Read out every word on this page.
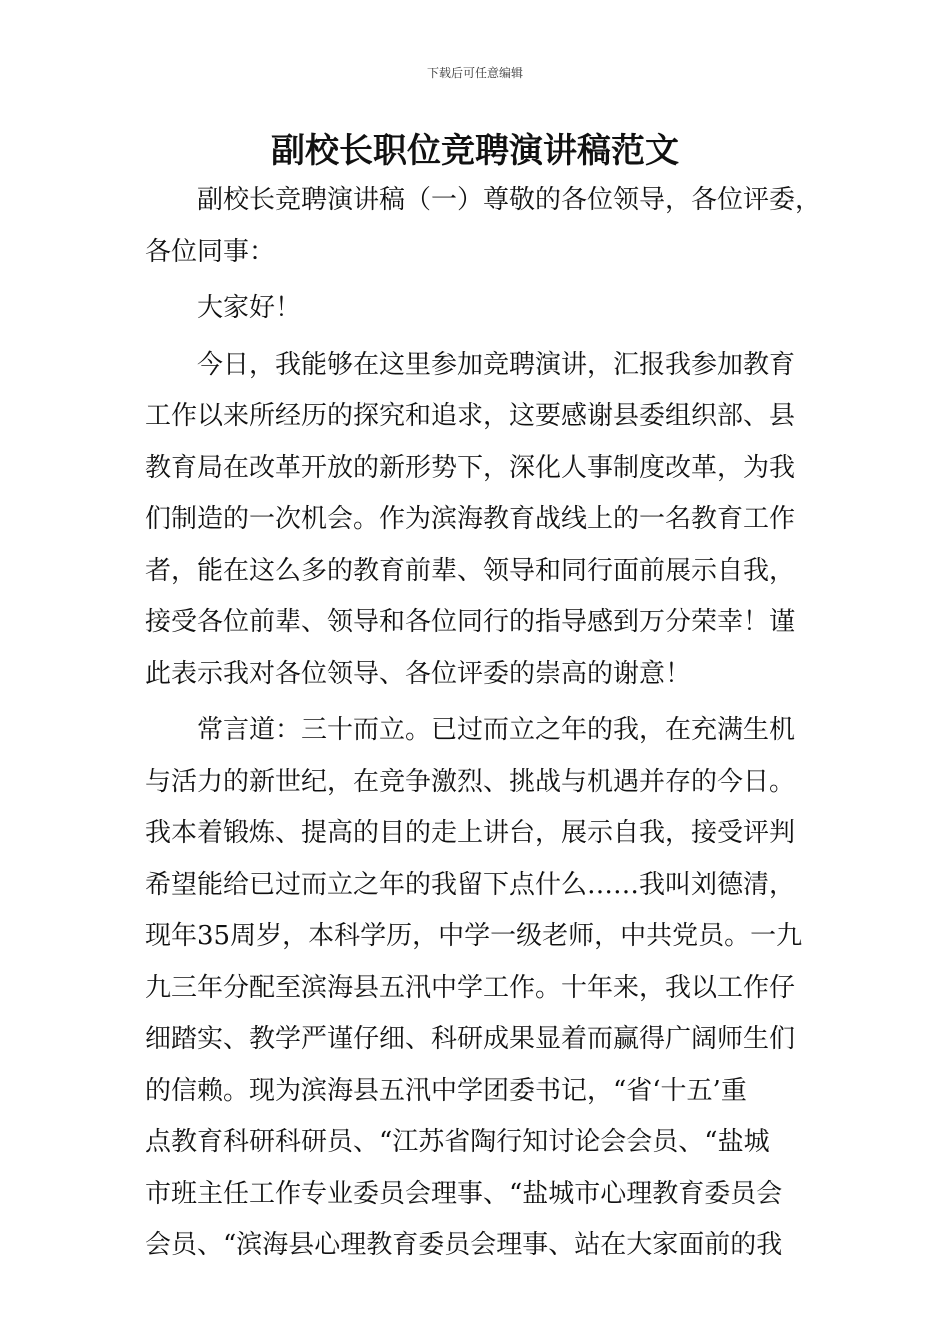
下载后可任意编辑
副校长职位竞聘演讲稿范文

副校长竞聘演讲稿（一）尊敬的各位领导，各位评委，
各位同事：

大家好！

今日，我能够在这里参加竞聘演讲，汇报我参加教育
工作以来所经历的探究和追求，这要感谢县委组织部、县
教育局在改革开放的新形势下，深化人事制度改革，为我
们制造的一次机会。作为滨海教育战线上的一名教育工作
者，能在这么多的教育前辈、领导和同行面前展示自我，
接受各位前辈、领导和各位同行的指导感到万分荣幸！谨
此表示我对各位领导、各位评委的崇高的谢意！

常言道：三十而立。已过而立之年的我，在充满生机
与活力的新世纪，在竞争激烈、挑战与机遇并存的今日。
我本着锻炼、提高的目的走上讲台，展示自我，接受评判
希望能给已过而立之年的我留下点什么……我叫刘德清，
现年35周岁，本科学历，中学一级老师，中共党员。一九
九三年分配至滨海县五汛中学工作。十年来，我以工作仔
细踏实、教学严谨仔细、科研成果显着而赢得广阔师生们
的信赖。现为滨海县五汛中学团委书记，“省‘十五’重
点教育科研科研员、“江苏省陶行知讨论会会员、“盐城
市班主任工作专业委员会理事、“盐城市心理教育委员会
会员、“滨海县心理教育委员会理事、站在大家面前的我
